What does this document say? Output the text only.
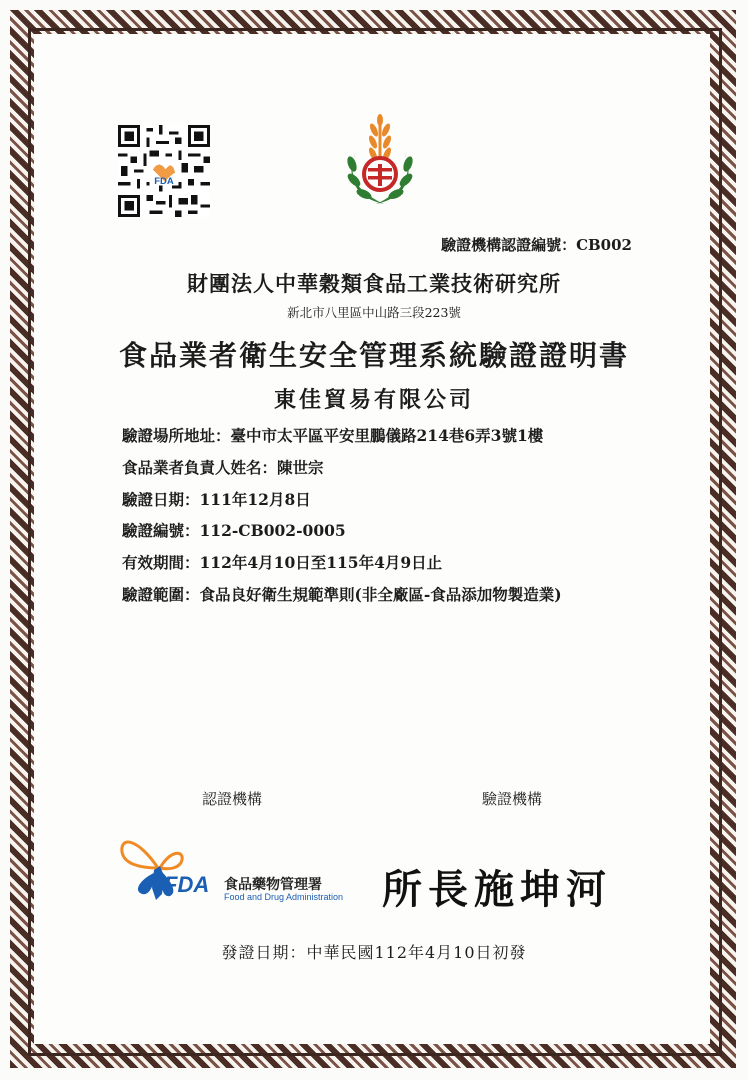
FDA
驗證機構認證編號：CB002
財團法人中華穀類食品工業技術研究所
新北市八里區中山路三段223號
食品業者衛生安全管理系統驗證證明書
東佳貿易有限公司
驗證場所地址：臺中市太平區平安里鵬儀路214巷6弄3號1樓
食品業者負責人姓名：陳世宗
驗證日期：111年12月8日
驗證編號：112-CB002-0005
有效期間：112年4月10日至115年4月9日止
驗證範圍：食品良好衛生規範準則(非全廠區-食品添加物製造業)
認證機構	驗證機構
FDA 食品藥物管理署
Food and Drug Administration 所長施坤河
發證日期：中華民國112年4月10日初發
